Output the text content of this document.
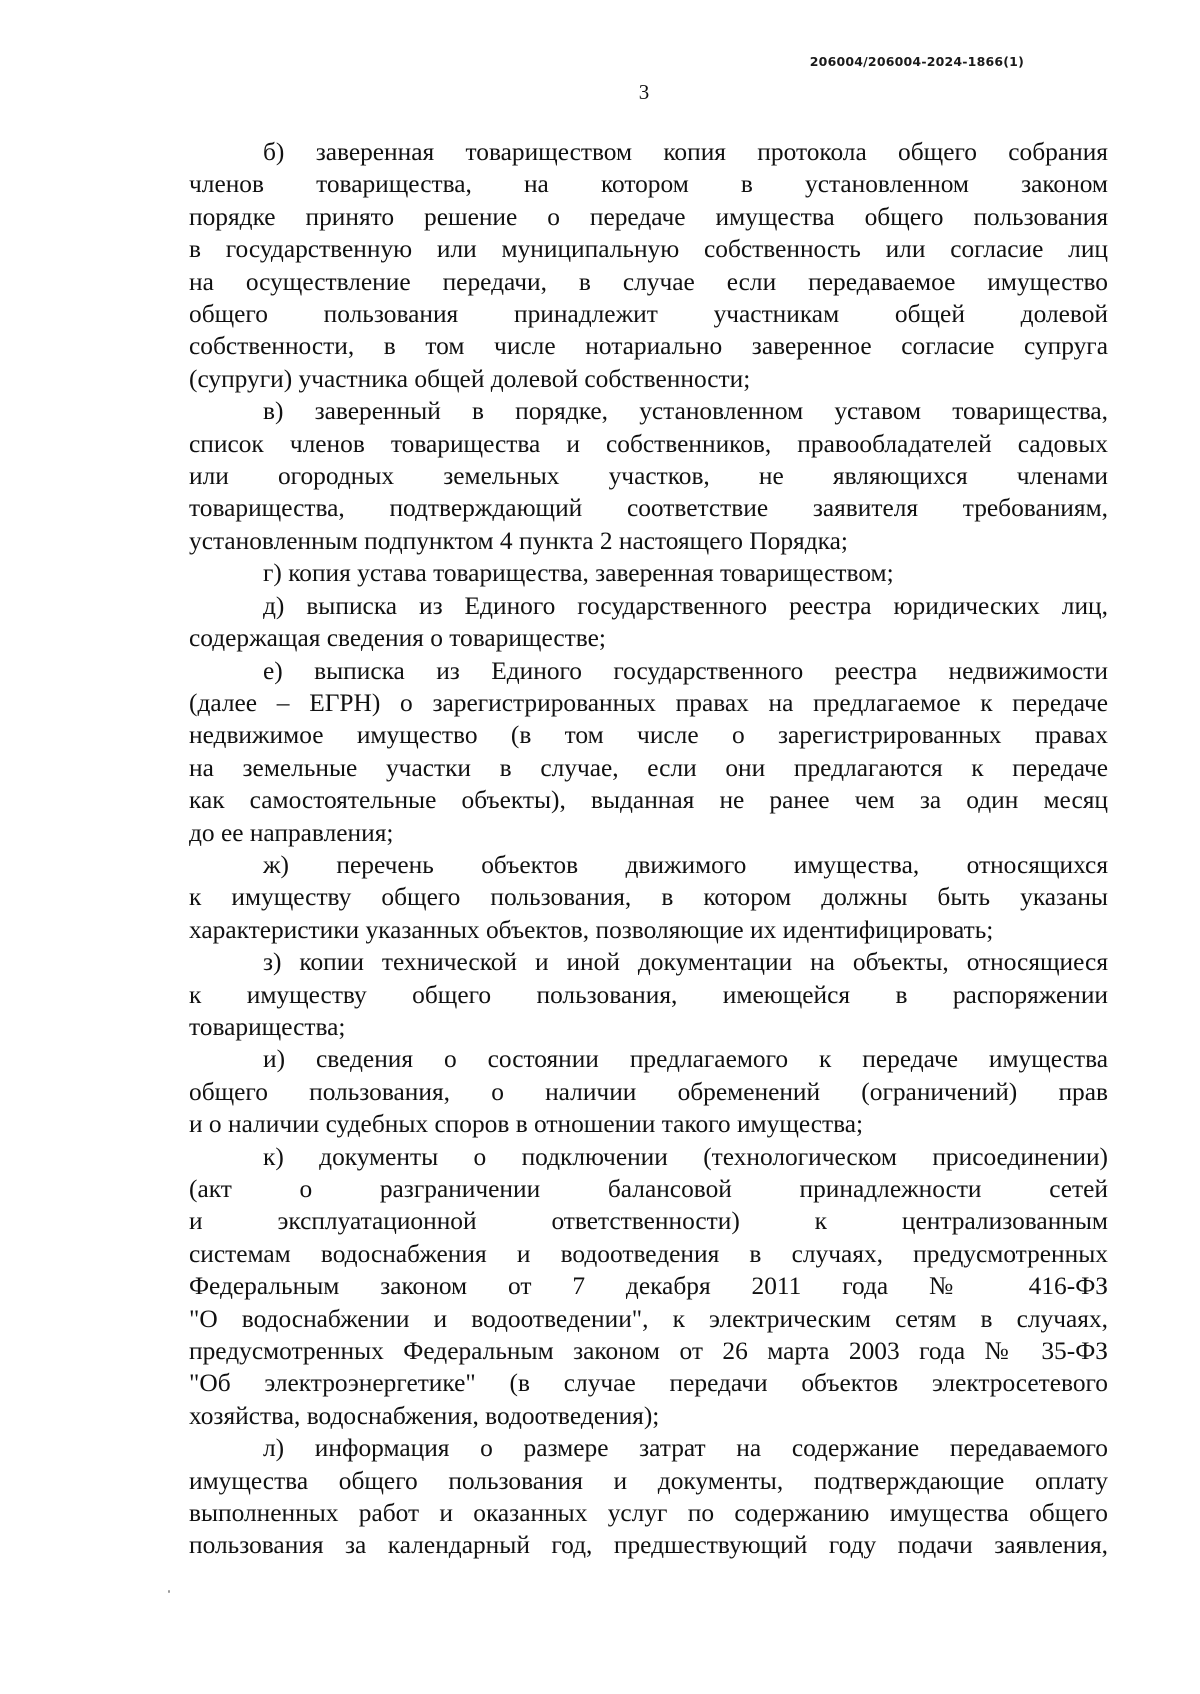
206004/206004-2024-1866(1)
3
б) заверенная товариществом копия протокола общего собрания
членов товарищества, на котором в установленном законом
порядке принято решение о передаче имущества общего пользования
в государственную или муниципальную собственность или согласие лиц
на осуществление передачи, в случае если передаваемое имущество
общего пользования принадлежит участникам общей долевой
собственности, в том числе нотариально заверенное согласие супруга
(супруги) участника общей долевой собственности;
в) заверенный в порядке, установленном уставом товарищества,
список членов товарищества и собственников, правообладателей садовых
или огородных земельных участков, не являющихся членами
товарищества, подтверждающий соответствие заявителя требованиям,
установленным подпунктом 4 пункта 2 настоящего Порядка;
г) копия устава товарищества, заверенная товариществом;
д) выписка из Единого государственного реестра юридических лиц,
содержащая сведения о товариществе;
е) выписка из Единого государственного реестра недвижимости
(далее – ЕГРН) о зарегистрированных правах на предлагаемое к передаче
недвижимое имущество (в том числе о зарегистрированных правах
на земельные участки в случае, если они предлагаются к передаче
как самостоятельные объекты), выданная не ранее чем за один месяц
до ее направления;
ж) перечень объектов движимого имущества, относящихся
к имуществу общего пользования, в котором должны быть указаны
характеристики указанных объектов, позволяющие их идентифицировать;
з) копии технической и иной документации на объекты, относящиеся
к имуществу общего пользования, имеющейся в распоряжении
товарищества;
и) сведения о состоянии предлагаемого к передаче имущества
общего пользования, о наличии обременений (ограничений) прав
и о наличии судебных споров в отношении такого имущества;
к) документы о подключении (технологическом присоединении)
(акт о разграничении балансовой принадлежности сетей
и эксплуатационной ответственности) к централизованным
системам водоснабжения и водоотведения в случаях, предусмотренных
Федеральным законом от 7 декабря 2011 года № 416-ФЗ
"О водоснабжении и водоотведении", к электрическим сетям в случаях,
предусмотренных Федеральным законом от 26 марта 2003 года № 35-ФЗ
"Об электроэнергетике" (в случае передачи объектов электросетевого
хозяйства, водоснабжения, водоотведения);
л) информация о размере затрат на содержание передаваемого
имущества общего пользования и документы, подтверждающие оплату
выполненных работ и оказанных услуг по содержанию имущества общего
пользования за календарный год, предшествующий году подачи заявления,
